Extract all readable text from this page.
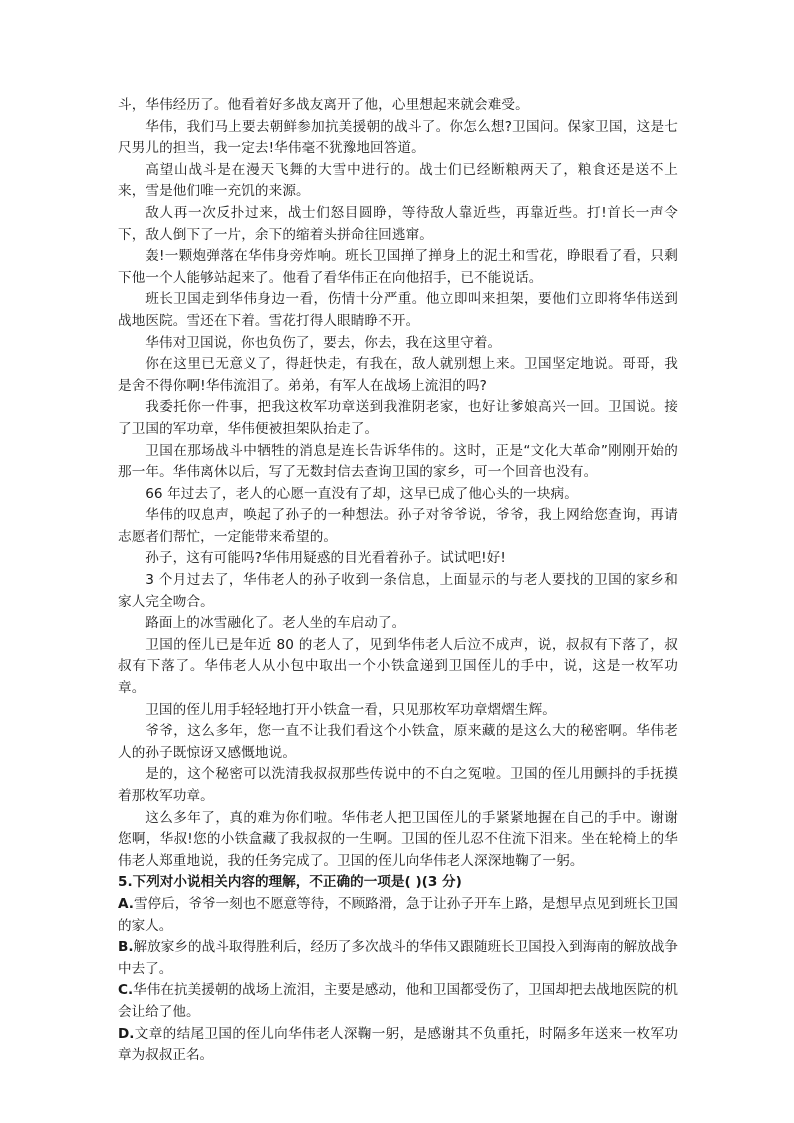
斗，华伟经历了。他看着好多战友离开了他，心里想起来就会难受。

华伟，我们马上要去朝鲜参加抗美援朝的战斗了。你怎么想?卫国问。保家卫国，这是七尺男儿的担当，我一定去!华伟毫不犹豫地回答道。

高望山战斗是在漫天飞舞的大雪中进行的。战士们已经断粮两天了，粮食还是送不上来，雪是他们唯一充饥的来源。

敌人再一次反扑过来，战士们怒目圆睁，等待敌人靠近些，再靠近些。打!首长一声令下，敌人倒下了一片，余下的缩着头拼命往回逃窜。

轰!一颗炮弹落在华伟身旁炸响。班长卫国掸了掸身上的泥土和雪花，睁眼看了看，只剩下他一个人能够站起来了。他看了看华伟正在向他招手，已不能说话。

班长卫国走到华伟身边一看，伤情十分严重。他立即叫来担架，要他们立即将华伟送到战地医院。雪还在下着。雪花打得人眼睛睁不开。

华伟对卫国说，你也负伤了，要去，你去，我在这里守着。

你在这里已无意义了，得赶快走，有我在，敌人就别想上来。卫国坚定地说。哥哥，我是舍不得你啊!华伟流泪了。弟弟，有军人在战场上流泪的吗?

我委托你一件事，把我这枚军功章送到我淮阴老家，也好让爹娘高兴一回。卫国说。接了卫国的军功章，华伟便被担架队抬走了。

卫国在那场战斗中牺牲的消息是连长告诉华伟的。这时，正是“文化大革命”刚刚开始的那一年。华伟离休以后，写了无数封信去查询卫国的家乡，可一个回音也没有。

66 年过去了，老人的心愿一直没有了却，这早已成了他心头的一块病。

华伟的叹息声，唤起了孙子的一种想法。孙子对爷爷说，爷爷，我上网给您查询，再请志愿者们帮忙，一定能带来希望的。

孙子，这有可能吗?华伟用疑惑的目光看着孙子。试试吧!好!

3 个月过去了，华伟老人的孙子收到一条信息，上面显示的与老人要找的卫国的家乡和家人完全吻合。

路面上的冰雪融化了。老人坐的车启动了。

卫国的侄儿已是年近 80 的老人了，见到华伟老人后泣不成声，说，叔叔有下落了，叔叔有下落了。华伟老人从小包中取出一个小铁盒递到卫国侄儿的手中，说，这是一枚军功章。

卫国的侄儿用手轻轻地打开小铁盒一看，只见那枚军功章熠熠生辉。

爷爷，这么多年，您一直不让我们看这个小铁盒，原来藏的是这么大的秘密啊。华伟老人的孙子既惊讶又感慨地说。

是的，这个秘密可以洗清我叔叔那些传说中的不白之冤啦。卫国的侄儿用颤抖的手抚摸着那枚军功章。

这么多年了，真的难为你们啦。华伟老人把卫国侄儿的手紧紧地握在自己的手中。谢谢您啊，华叔!您的小铁盒藏了我叔叔的一生啊。卫国的侄儿忍不住流下泪来。坐在轮椅上的华伟老人郑重地说，我的任务完成了。卫国的侄儿向华伟老人深深地鞠了一躬。

5.下列对小说相关内容的理解，不正确的一项是( )(3 分)

A.雪停后，爷爷一刻也不愿意等待，不顾路滑，急于让孙子开车上路，是想早点见到班长卫国的家人。

B.解放家乡的战斗取得胜利后，经历了多次战斗的华伟又跟随班长卫国投入到海南的解放战争中去了。

C.华伟在抗美援朝的战场上流泪，主要是感动，他和卫国都受伤了，卫国却把去战地医院的机会让给了他。

D.文章的结尾卫国的侄儿向华伟老人深鞠一躬，是感谢其不负重托，时隔多年送来一枚军功章为叔叔正名。
